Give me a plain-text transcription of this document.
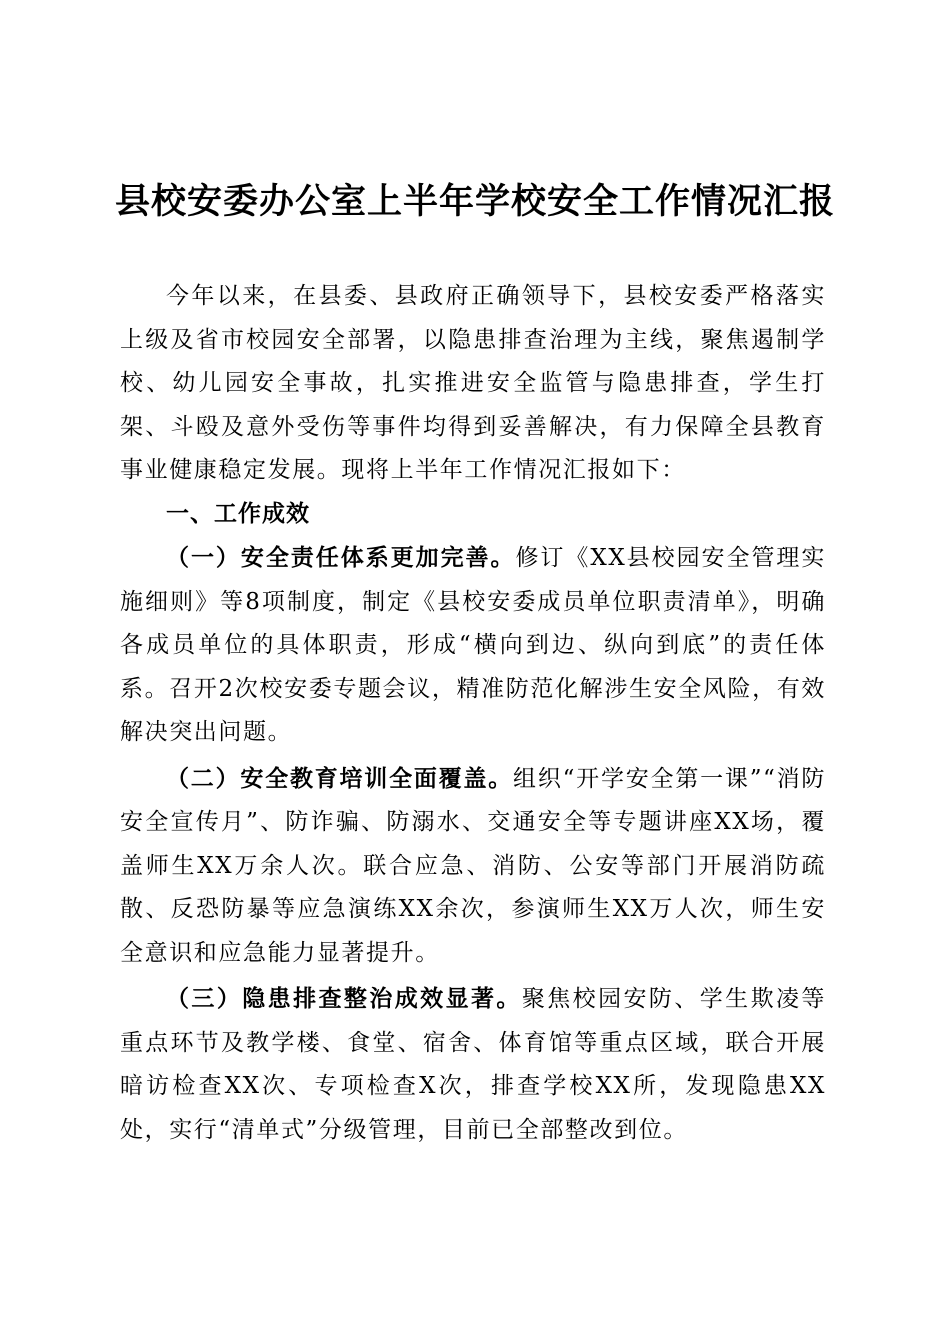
县校安委办公室上半年学校安全工作情况汇报

今年以来，在县委、县政府正确领导下，县校安委严格落实上级及省市校园安全部署，以隐患排查治理为主线，聚焦遏制学校、幼儿园安全事故，扎实推进安全监管与隐患排查，学生打架、斗殴及意外受伤等事件均得到妥善解决，有力保障全县教育事业健康稳定发展。现将上半年工作情况汇报如下：

一、工作成效

（一）安全责任体系更加完善。修订《XX县校园安全管理实施细则》等8项制度，制定《县校安委成员单位职责清单》，明确各成员单位的具体职责，形成“横向到边、纵向到底”的责任体系。召开2次校安委专题会议，精准防范化解涉生安全风险，有效解决突出问题。

（二）安全教育培训全面覆盖。组织“开学安全第一课”“消防安全宣传月”、防诈骗、防溺水、交通安全等专题讲座XX场，覆盖师生XX万余人次。联合应急、消防、公安等部门开展消防疏散、反恐防暴等应急演练XX余次，参演师生XX万人次，师生安全意识和应急能力显著提升。

（三）隐患排查整治成效显著。聚焦校园安防、学生欺凌等重点环节及教学楼、食堂、宿舍、体育馆等重点区域，联合开展暗访检查XX次、专项检查X次，排查学校XX所，发现隐患XX处，实行“清单式”分级管理，目前已全部整改到位。
